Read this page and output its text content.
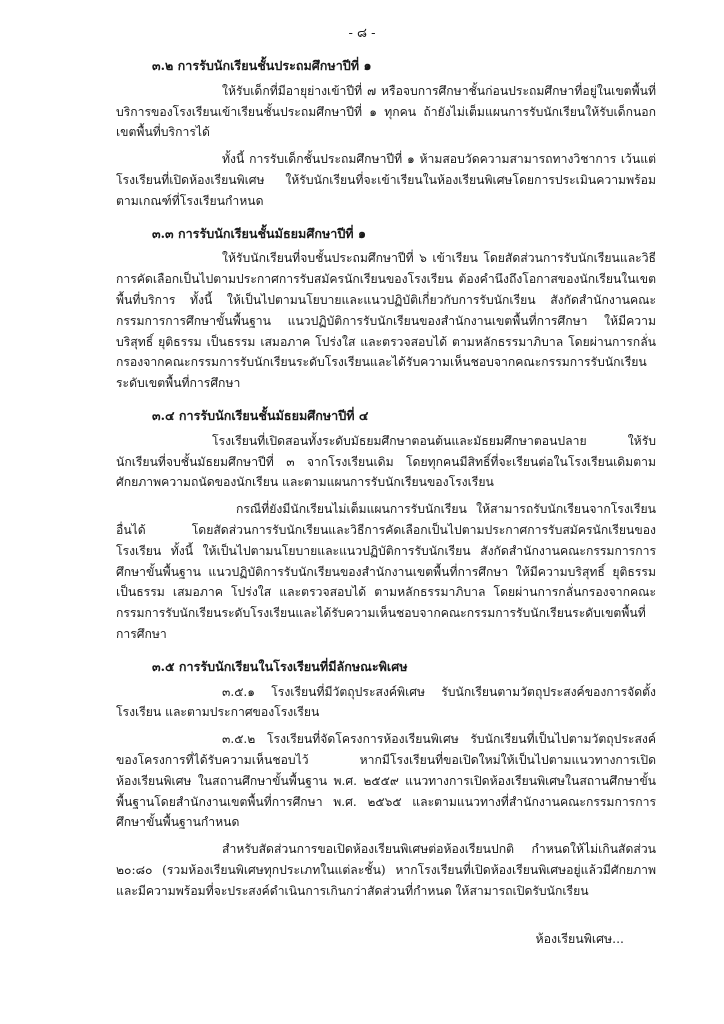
- ๘ -
๓.๒ การรับนักเรียนชั้นประถมศึกษาปีที่ ๑

ให้รับเด็กที่มีอายุย่างเข้าปีที่ ๗ หรือจบการศึกษาชั้นก่อนประถมศึกษาที่อยู่ในเขตพื้นที่บริการของโรงเรียนเข้าเรียนชั้นประถมศึกษาปีที่ ๑ ทุกคน ถ้ายังไม่เต็มแผนการรับนักเรียนให้รับเด็กนอกเขตพื้นที่บริการได้

ทั้งนี้ การรับเด็กชั้นประถมศึกษาปีที่ ๑ ห้ามสอบวัดความสามารถทางวิชาการ เว้นแต่โรงเรียนที่เปิดห้องเรียนพิเศษ ให้รับนักเรียนที่จะเข้าเรียนในห้องเรียนพิเศษโดยการประเมินความพร้อมตามเกณฑ์ที่โรงเรียนกำหนด

๓.๓ การรับนักเรียนชั้นมัธยมศึกษาปีที่ ๑

ให้รับนักเรียนที่จบชั้นประถมศึกษาปีที่ ๖ เข้าเรียน โดยสัดส่วนการรับนักเรียนและวิธีการคัดเลือกเป็นไปตามประกาศการรับสมัครนักเรียนของโรงเรียน ต้องคำนึงถึงโอกาสของนักเรียนในเขตพื้นที่บริการ ทั้งนี้ ให้เป็นไปตามนโยบายและแนวปฏิบัติเกี่ยวกับการรับนักเรียน สังกัดสำนักงานคณะกรรมการการศึกษาขั้นพื้นฐาน แนวปฏิบัติการรับนักเรียนของสำนักงานเขตพื้นที่การศึกษา ให้มีความบริสุทธิ์ ยุติธรรม เป็นธรรม เสมอภาค โปร่งใส และตรวจสอบได้ ตามหลักธรรมาภิบาล โดยผ่านการกลั่นกรองจากคณะกรรมการรับนักเรียนระดับโรงเรียนและได้รับความเห็นชอบจากคณะกรรมการรับนักเรียนระดับเขตพื้นที่การศึกษา

๓.๔ การรับนักเรียนชั้นมัธยมศึกษาปีที่ ๔

โรงเรียนที่เปิดสอนทั้งระดับมัธยมศึกษาตอนต้นและมัธยมศึกษาตอนปลาย ให้รับนักเรียนที่จบชั้นมัธยมศึกษาปีที่ ๓ จากโรงเรียนเดิม โดยทุกคนมีสิทธิ์ที่จะเรียนต่อในโรงเรียนเดิมตามศักยภาพความถนัดของนักเรียน และตามแผนการรับนักเรียนของโรงเรียน

กรณีที่ยังมีนักเรียนไม่เต็มแผนการรับนักเรียน ให้สามารถรับนักเรียนจากโรงเรียนอื่นได้ โดยสัดส่วนการรับนักเรียนและวิธีการคัดเลือกเป็นไปตามประกาศการรับสมัครนักเรียนของโรงเรียน ทั้งนี้ ให้เป็นไปตามนโยบายและแนวปฏิบัติการรับนักเรียน สังกัดสำนักงานคณะกรรมการการศึกษาขั้นพื้นฐาน แนวปฏิบัติการรับนักเรียนของสำนักงานเขตพื้นที่การศึกษา ให้มีความบริสุทธิ์ ยุติธรรม เป็นธรรม เสมอภาค โปร่งใส และตรวจสอบได้ ตามหลักธรรมาภิบาล โดยผ่านการกลั่นกรองจากคณะกรรมการรับนักเรียนระดับโรงเรียนและได้รับความเห็นชอบจากคณะกรรมการรับนักเรียนระดับเขตพื้นที่การศึกษา

๓.๕ การรับนักเรียนในโรงเรียนที่มีลักษณะพิเศษ

๓.๕.๑ โรงเรียนที่มีวัตถุประสงค์พิเศษ รับนักเรียนตามวัตถุประสงค์ของการจัดตั้งโรงเรียน และตามประกาศของโรงเรียน

๓.๕.๒ โรงเรียนที่จัดโครงการห้องเรียนพิเศษ รับนักเรียนที่เป็นไปตามวัตถุประสงค์ของโครงการที่ได้รับความเห็นชอบไว้ หากมีโรงเรียนที่ขอเปิดใหม่ให้เป็นไปตามแนวทางการเปิดห้องเรียนพิเศษ ในสถานศึกษาขั้นพื้นฐาน พ.ศ. ๒๕๕๙ แนวทางการเปิดห้องเรียนพิเศษในสถานศึกษาขั้นพื้นฐานโดยสำนักงานเขตพื้นที่การศึกษา พ.ศ. ๒๕๖๕ และตามแนวทางที่สำนักงานคณะกรรมการการศึกษาขั้นพื้นฐานกำหนด

สำหรับสัดส่วนการขอเปิดห้องเรียนพิเศษต่อห้องเรียนปกติ กำหนดให้ไม่เกินสัดส่วน ๒๐:๘๐ (รวมห้องเรียนพิเศษทุกประเภทในแต่ละชั้น) หากโรงเรียนที่เปิดห้องเรียนพิเศษอยู่แล้วมีศักยภาพและมีความพร้อมที่จะประสงค์ดำเนินการเกินกว่าสัดส่วนที่กำหนด ให้สามารถเปิดรับนักเรียน

ห้องเรียนพิเศษ...
